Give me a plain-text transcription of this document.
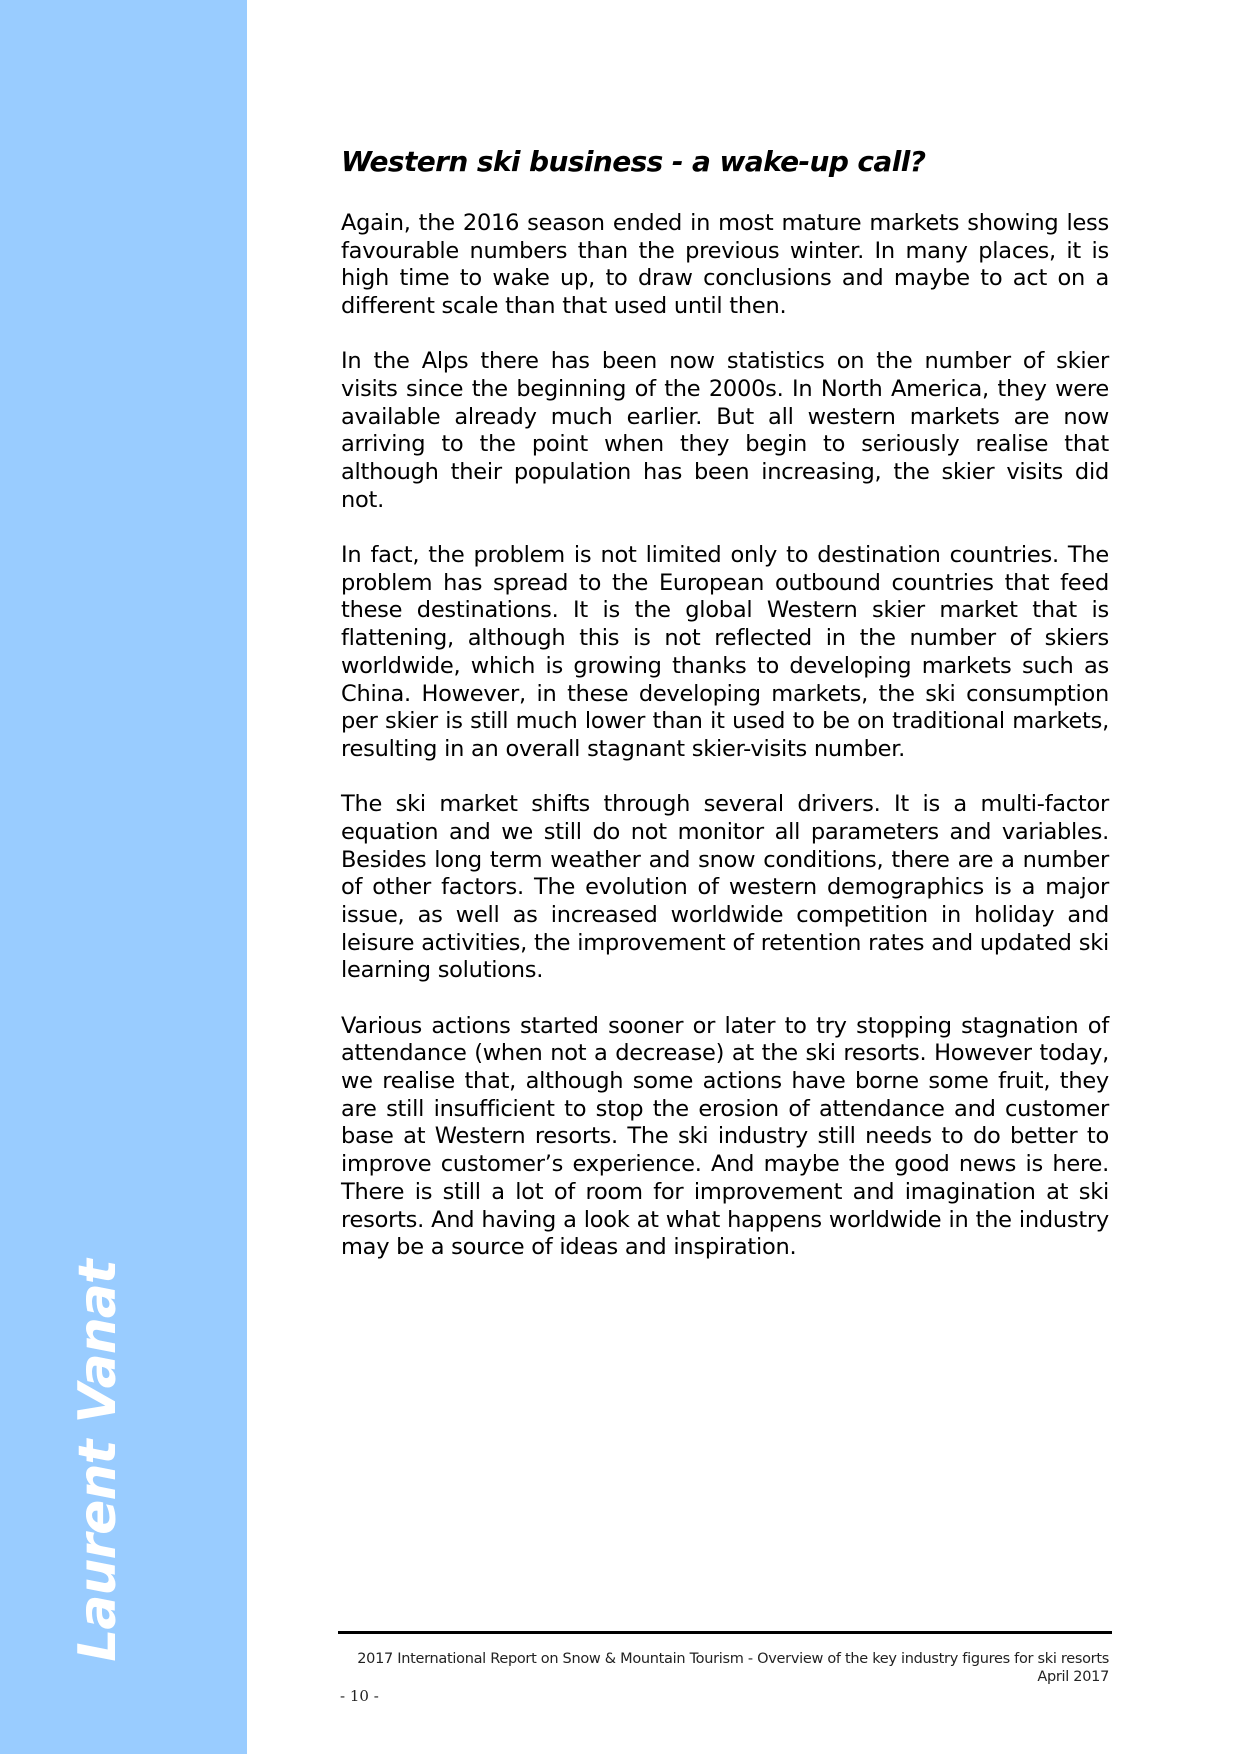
Laurent Vanat
Western ski business - a wake-up call?

Again, the 2016 season ended in most mature markets showing less favourable numbers than the previous winter. In many places, it is high time to wake up, to draw conclusions and maybe to act on a different scale than that used until then.

In the Alps there has been now statistics on the number of skier visits since the beginning of the 2000s. In North America, they were available already much earlier. But all western markets are now arriving to the point when they begin to seriously realise that although their population has been increasing, the skier visits did not.

In fact, the problem is not limited only to destination countries. The problem has spread to the European outbound countries that feed these destinations. It is the global Western skier market that is flattening, although this is not reflected in the number of skiers worldwide, which is growing thanks to developing markets such as China. However, in these developing markets, the ski consumption per skier is still much lower than it used to be on traditional markets, resulting in an overall stagnant skier-visits number.

The ski market shifts through several drivers. It is a multi-factor equation and we still do not monitor all parameters and variables. Besides long term weather and snow conditions, there are a number of other factors. The evolution of western demographics is a major issue, as well as increased worldwide competition in holiday and leisure activities, the improvement of retention rates and updated ski learning solutions.

Various actions started sooner or later to try stopping stagnation of attendance (when not a decrease) at the ski resorts. However today, we realise that, although some actions have borne some fruit, they are still insufficient to stop the erosion of attendance and customer base at Western resorts. The ski industry still needs to do better to improve customer’s experience. And maybe the good news is here. There is still a lot of room for improvement and imagination at ski resorts. And having a look at what happens worldwide in the industry may be a source of ideas and inspiration.

2017 International Report on Snow & Mountain Tourism - Overview of the key industry figures for ski resorts
April 2017
- 10 -
